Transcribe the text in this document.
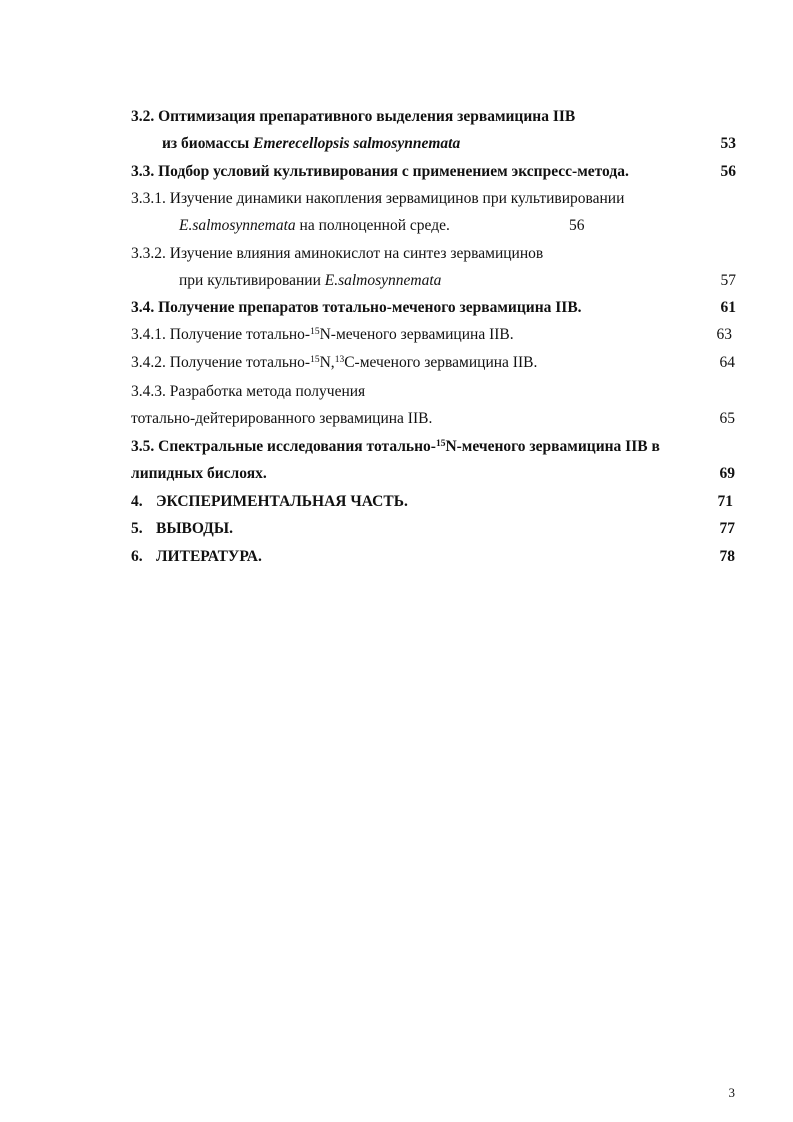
3.2. Оптимизация препаративного выделения зервамицина IIВ
из биомассы Emerecellopsis salmosynnemata	53
3.3. Подбор условий культивирования с применением экспресс-метода.	56
3.3.1. Изучение динамики накопления зервамицинов при культивировании
E.salmosynnemata на полноценной среде.	56
3.3.2. Изучение влияния аминокислот на синтез зервамицинов
при культивировании E.salmosynnemata	57
3.4. Получение препаратов тотально-меченого зервамицина IIВ.	61
3.4.1. Получение тотально-$^{15}$N-меченого зервамицина IIВ.	63
3.4.2. Получение тотально-$^{15}$N,$^{13}$С-меченого зервамицина IIВ.	64
3.4.3. Разработка метода получения
тотально-дейтерированного зервамицина IIВ.	65
3.5. Спектральные исследования тотально-$^{15}$N-меченого зервамицина IIВ в
липидных бислоях.	69
4. ЭКСПЕРИМЕНТАЛЬНАЯ ЧАСТЬ.	71
5. ВЫВОДЫ.	77
6. ЛИТЕРАТУРА.	78
3
